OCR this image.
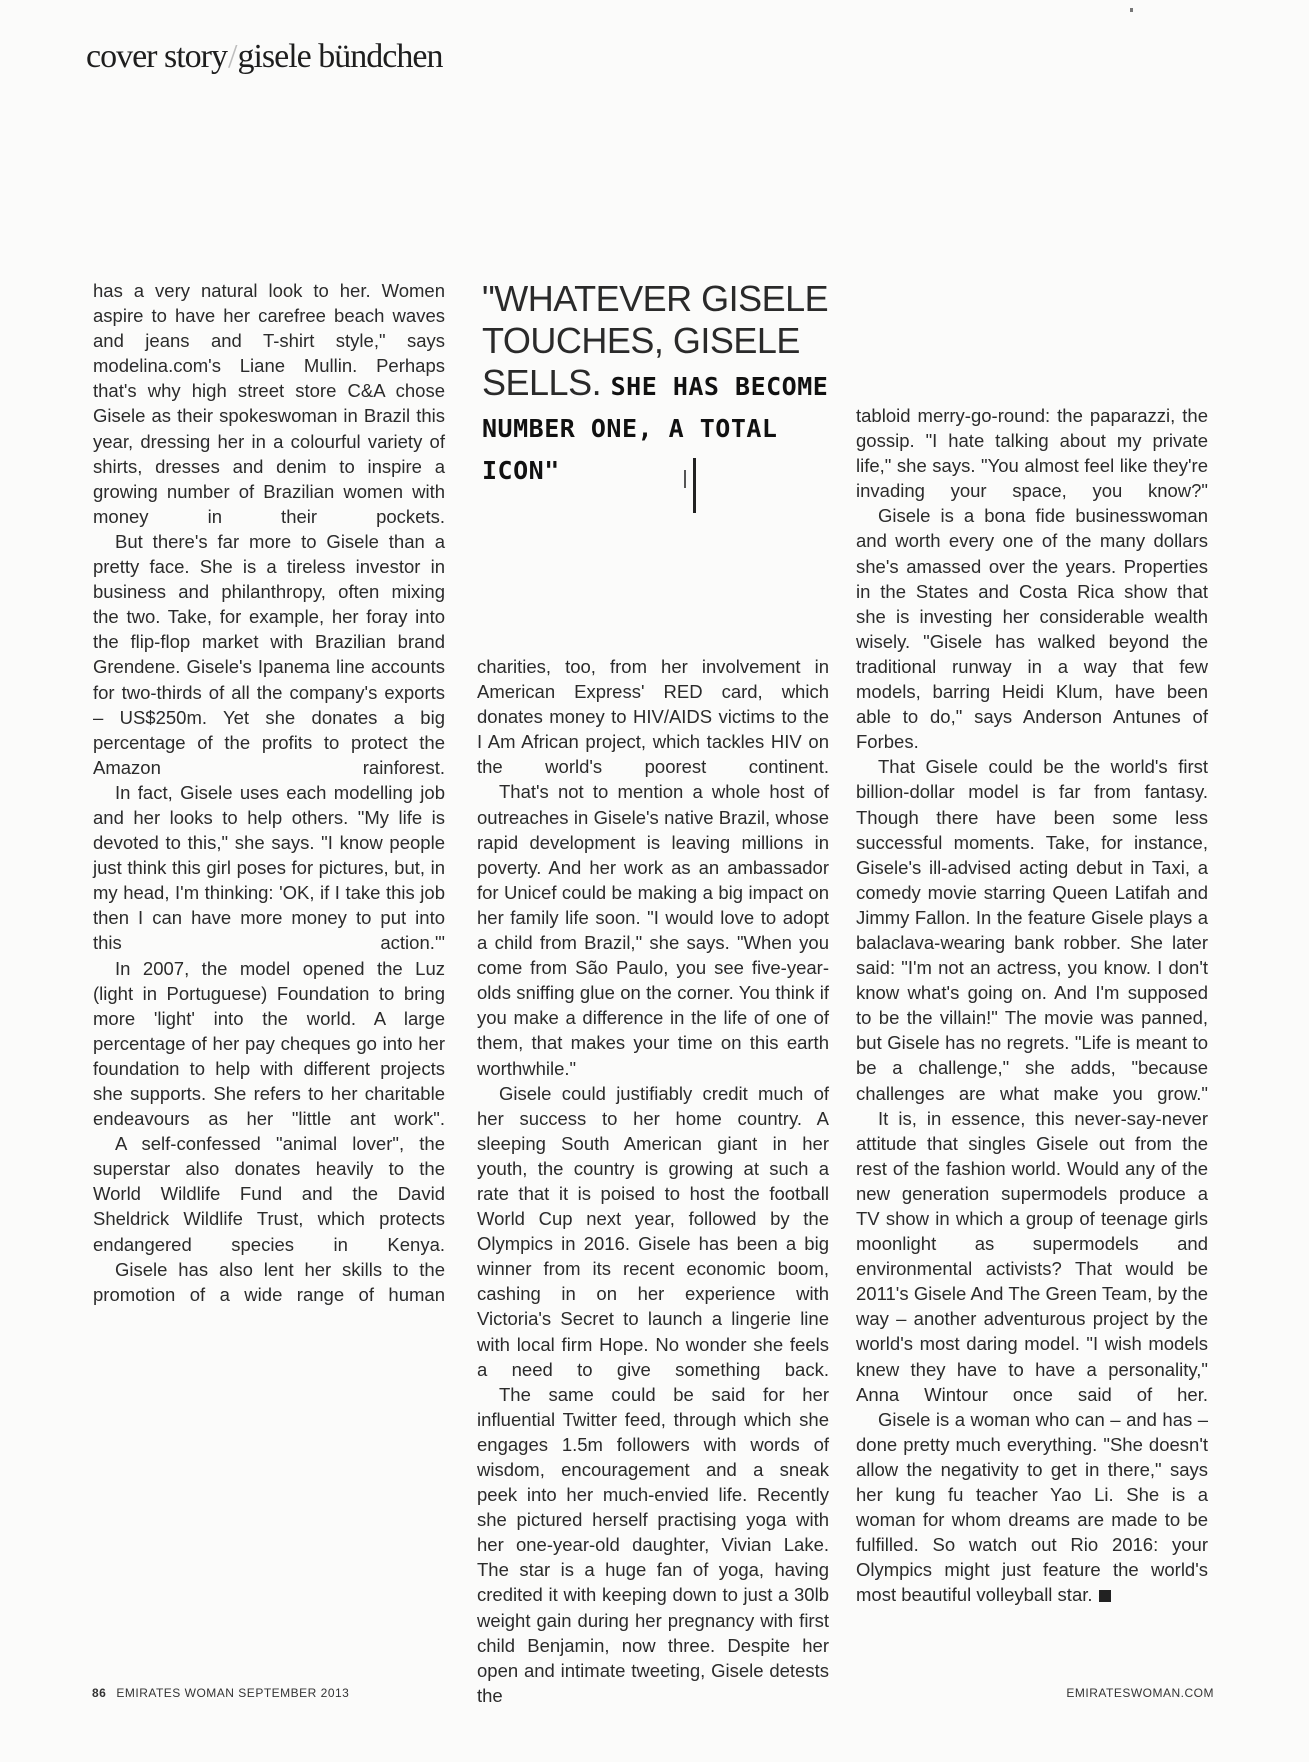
cover story/gisele bündchen

has a very natural look to her. Women aspire to have her carefree beach waves and jeans and T-shirt style," says modelina.com's Liane Mullin. Perhaps that's why high street store C&A chose Gisele as their spokeswoman in Brazil this year, dressing her in a colourful variety of shirts, dresses and denim to inspire a growing number of Brazilian women with money in their pockets.

But there's far more to Gisele than a pretty face. She is a tireless investor in business and philanthropy, often mixing the two. Take, for example, her foray into the flip-flop market with Brazilian brand Grendene. Gisele's Ipanema line accounts for two-thirds of all the company's exports – US$250m. Yet she donates a big percentage of the profits to protect the Amazon rainforest.

In fact, Gisele uses each modelling job and her looks to help others. "My life is devoted to this," she says. "I know people just think this girl poses for pictures, but, in my head, I'm thinking: 'OK, if I take this job then I can have more money to put into this action.'"

In 2007, the model opened the Luz (light in Portuguese) Foundation to bring more 'light' into the world. A large percentage of her pay cheques go into her foundation to help with different projects she supports. She refers to her charitable endeavours as her "little ant work".

A self-confessed "animal lover", the superstar also donates heavily to the World Wildlife Fund and the David Sheldrick Wildlife Trust, which protects endangered species in Kenya.

Gisele has also lent her skills to the promotion of a wide range of human

"WHATEVER GISELE TOUCHES, GISELE SELLS. SHE HAS BECOME NUMBER ONE, A TOTAL ICON"

charities, too, from her involvement in American Express' RED card, which donates money to HIV/AIDS victims to the I Am African project, which tackles HIV on the world's poorest continent.

That's not to mention a whole host of outreaches in Gisele's native Brazil, whose rapid development is leaving millions in poverty. And her work as an ambassador for Unicef could be making a big impact on her family life soon. "I would love to adopt a child from Brazil," she says. "When you come from São Paulo, you see five-year-olds sniffing glue on the corner. You think if you make a difference in the life of one of them, that makes your time on this earth worthwhile."

Gisele could justifiably credit much of her success to her home country. A sleeping South American giant in her youth, the country is growing at such a rate that it is poised to host the football World Cup next year, followed by the Olympics in 2016. Gisele has been a big winner from its recent economic boom, cashing in on her experience with Victoria's Secret to launch a lingerie line with local firm Hope. No wonder she feels a need to give something back.

The same could be said for her influential Twitter feed, through which she engages 1.5m followers with words of wisdom, encouragement and a sneak peek into her much-envied life. Recently she pictured herself practising yoga with her one-year-old daughter, Vivian Lake. The star is a huge fan of yoga, having credited it with keeping down to just a 30lb weight gain during her pregnancy with first child Benjamin, now three. Despite her open and intimate tweeting, Gisele detests the

tabloid merry-go-round: the paparazzi, the gossip. "I hate talking about my private life," she says. "You almost feel like they're invading your space, you know?"

Gisele is a bona fide businesswoman and worth every one of the many dollars she's amassed over the years. Properties in the States and Costa Rica show that she is investing her considerable wealth wisely. "Gisele has walked beyond the traditional runway in a way that few models, barring Heidi Klum, have been able to do," says Anderson Antunes of Forbes.

That Gisele could be the world's first billion-dollar model is far from fantasy. Though there have been some less successful moments. Take, for instance, Gisele's ill-advised acting debut in Taxi, a comedy movie starring Queen Latifah and Jimmy Fallon. In the feature Gisele plays a balaclava-wearing bank robber. She later said: "I'm not an actress, you know. I don't know what's going on. And I'm supposed to be the villain!" The movie was panned, but Gisele has no regrets. "Life is meant to be a challenge," she adds, "because challenges are what make you grow."

It is, in essence, this never-say-never attitude that singles Gisele out from the rest of the fashion world. Would any of the new generation supermodels produce a TV show in which a group of teenage girls moonlight as supermodels and environmental activists? That would be 2011's Gisele And The Green Team, by the way – another adventurous project by the world's most daring model. "I wish models knew they have to have a personality," Anna Wintour once said of her.

Gisele is a woman who can – and has – done pretty much everything. "She doesn't allow the negativity to get in there," says her kung fu teacher Yao Li. She is a woman for whom dreams are made to be fulfilled. So watch out Rio 2016: your Olympics might just feature the world's most beautiful volleyball star.

86 EMIRATES WOMAN SEPTEMBER 2013	EMIRATESWOMAN.COM
